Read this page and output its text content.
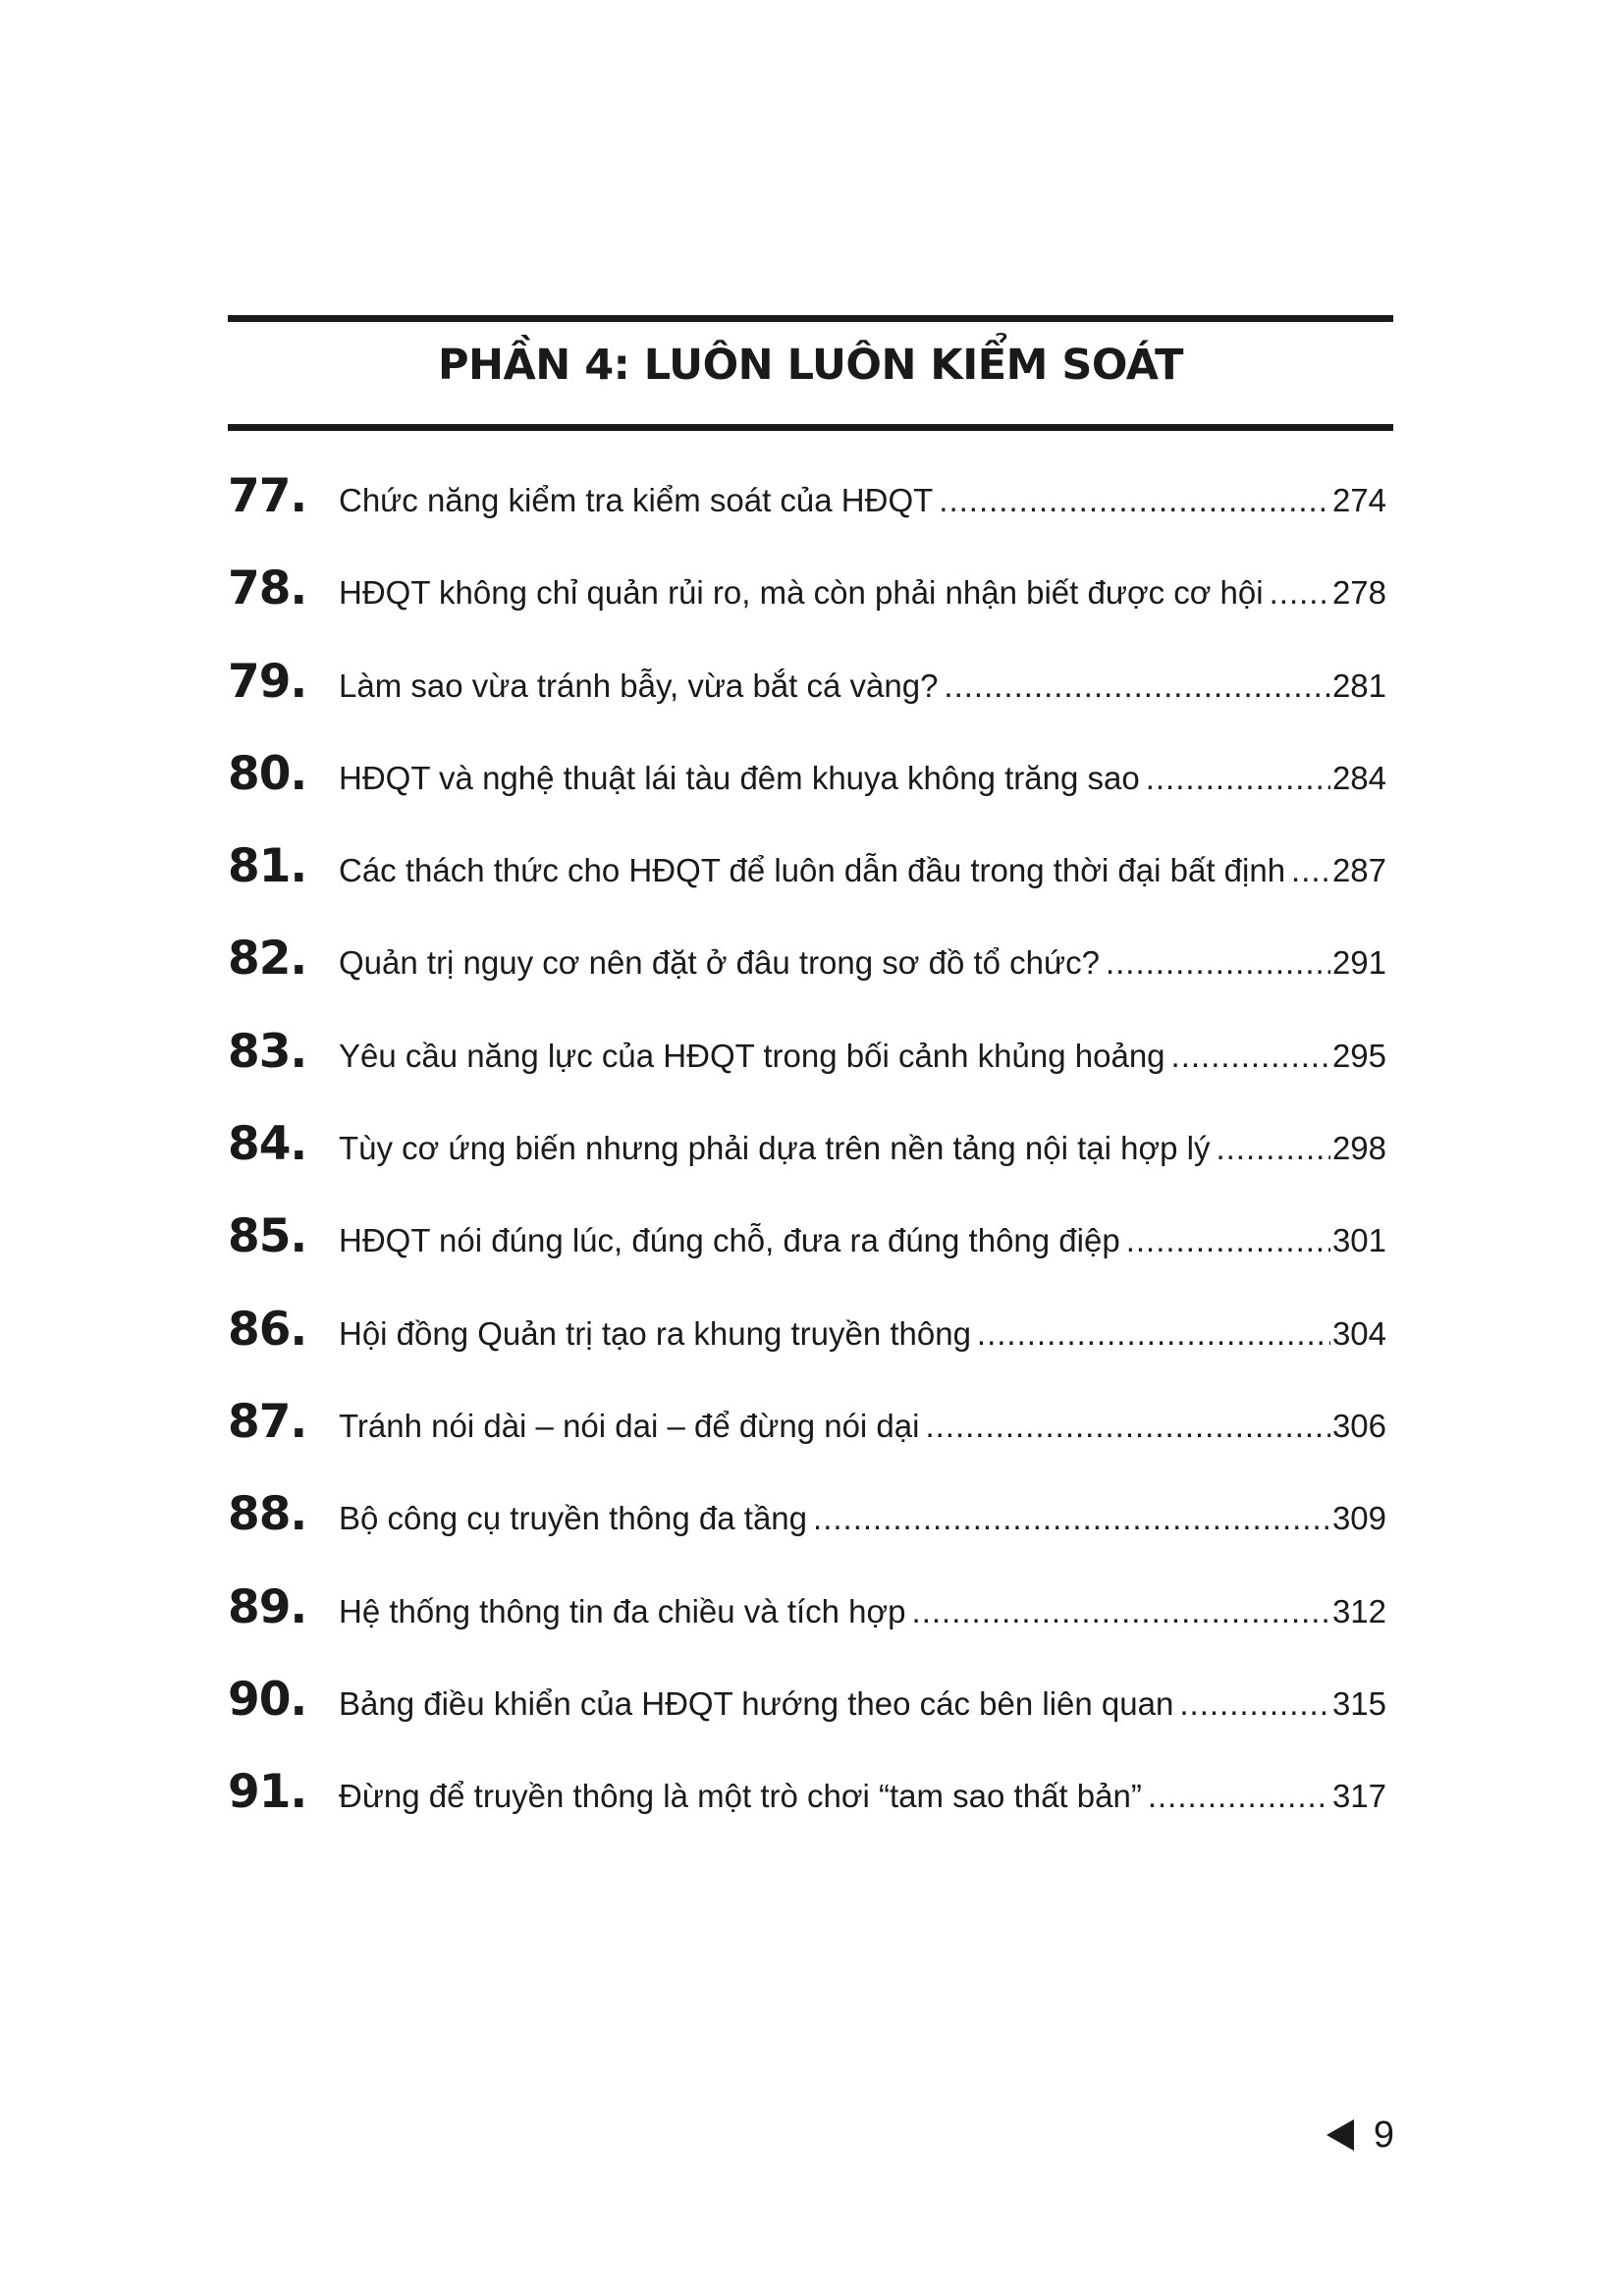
PHẦN 4: LUÔN LUÔN KIỂM SOÁT
77. Chức năng kiểm tra kiểm soát của HĐQT .....	274
78. HĐQT không chỉ quản rủi ro, mà còn phải nhận biết được cơ hội ..... 278
79. Làm sao vừa tránh bẫy, vừa bắt cá vàng? .....	281
80. HĐQT và nghệ thuật lái tàu đêm khuya không trăng sao .....	284
81. Các thách thức cho HĐQT để luôn dẫn đầu trong thời đại bất định ..... 287
82. Quản trị nguy cơ nên đặt ở đâu trong sơ đồ tổ chức? .....	291
83. Yêu cầu năng lực của HĐQT trong bối cảnh khủng hoảng .....	295
84. Tùy cơ ứng biến nhưng phải dựa trên nền tảng nội tại hợp lý .....	298
85. HĐQT nói đúng lúc, đúng chỗ, đưa ra đúng thông điệp .....	301
86. Hội đồng Quản trị tạo ra khung truyền thông .....	304
87. Tránh nói dài – nói dai – để đừng nói dại .....	306
88. Bộ công cụ truyền thông đa tầng .....	309
89. Hệ thống thông tin đa chiều và tích hợp .....	312
90. Bảng điều khiển của HĐQT hướng theo các bên liên quan .....	315
91. Đừng để truyền thông là một trò chơi “tam sao thất bản” .....	317
9
